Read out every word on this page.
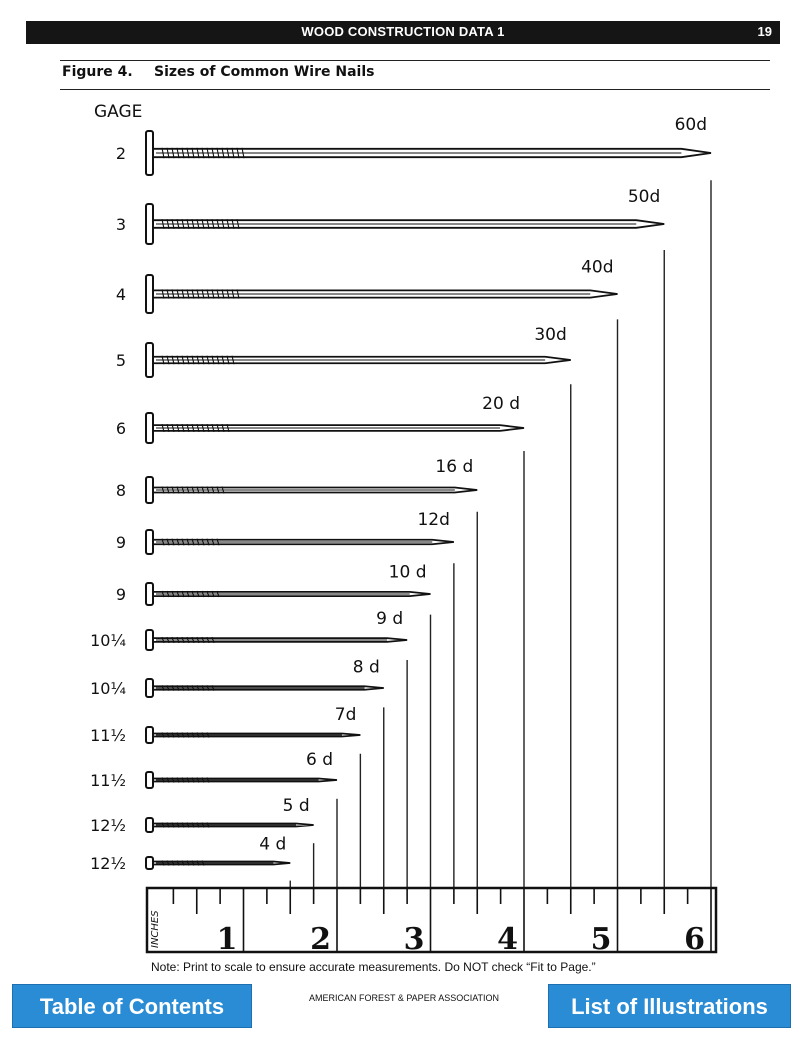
WOOD CONSTRUCTION DATA 1	19
Figure 4. Sizes of Common Wire Nails
GAGE
60d
2
50d
3
40d
4
30d
5
20 d
6
16 d
8
12d
9
10 d
9
9 d
10¼
8 d
10¼
7d
11½
6 d
11½
5 d
12½
4 d
12½
1 2 3 4 5 6
INCHES
Note: Print to scale to ensure accurate measurements. Do NOT check “Fit to Page.”
AMERICAN FOREST & PAPER ASSOCIATION
Table of Contents	List of Illustrations
